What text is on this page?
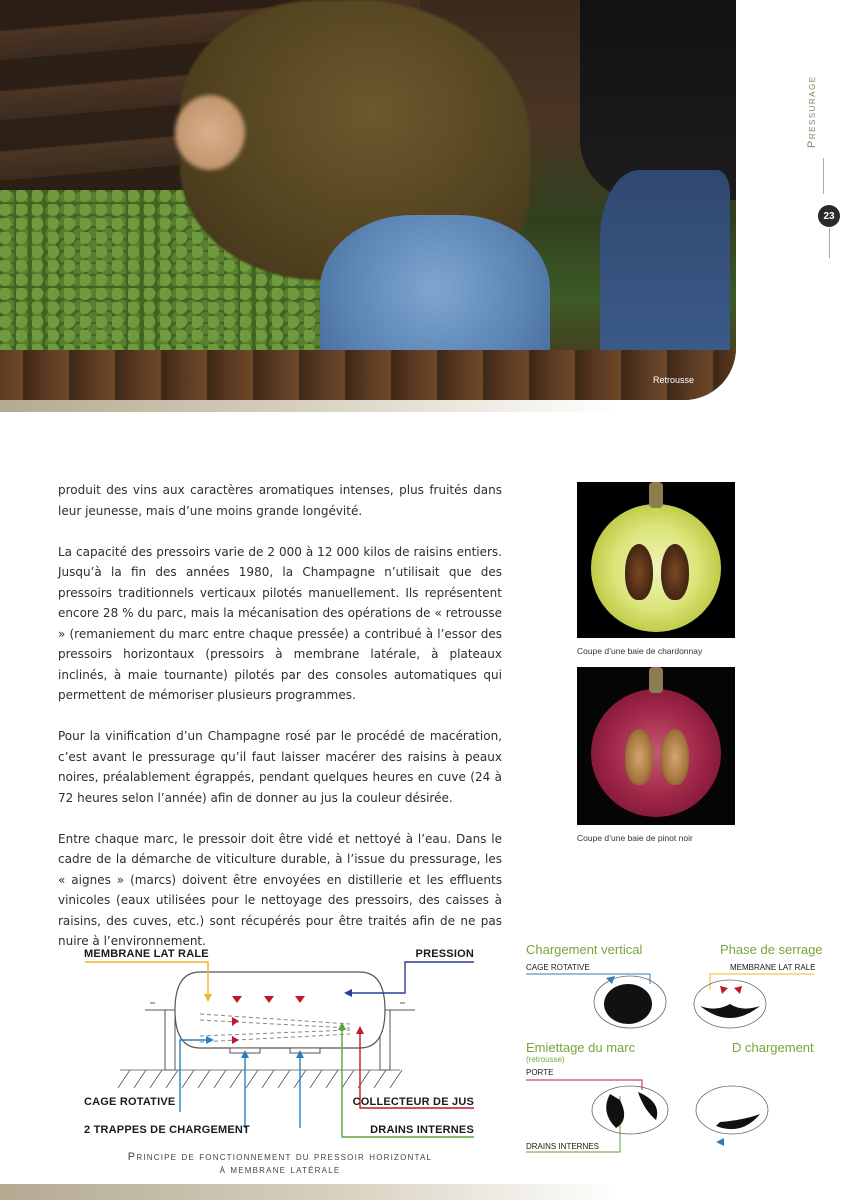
Retrousse
Pressurage
23

produit des vins aux caractères aromatiques intenses, plus fruités dans leur jeunesse, mais d’une moins grande longévité.

La capacité des pressoirs varie de 2 000 à 12 000 kilos de raisins entiers. Jusqu’à la fin des années 1980, la Champagne n’utilisait que des pressoirs traditionnels verticaux pilotés manuellement. Ils représentent encore 28 % du parc, mais la mécanisation des opérations de « retrousse » (remaniement du marc entre chaque pressée) a contribué à l’essor des pressoirs horizontaux (pressoirs à membrane latérale, à plateaux inclinés, à maie tournante) pilotés par des consoles automatiques qui permettent de mémoriser plusieurs programmes.

Pour la vinification d’un Champagne rosé par le procédé de macération, c’est avant le pressurage qu’il faut laisser macérer des raisins à peaux noires, préalablement égrappés, pendant quelques heures en cuve (24 à 72 heures selon l’année) afin de donner au jus la couleur désirée.

Entre chaque marc, le pressoir doit être vidé et nettoyé à l’eau. Dans le cadre de la démarche de viticulture durable, à l’issue du pressurage, les « aignes » (marcs) doivent être envoyées en distillerie et les effluents vinicoles (eaux utilisées pour le nettoyage des pressoirs, des caisses à raisins, des cuves, etc.) sont récupérés pour être traités afin de ne pas nuire à l’environnement.

Coupe d’une baie de chardonnay
Coupe d’une baie de pinot noir
MEMBRANE LAT RALE	PRESSION
CAGE ROTATIVE	COLLECTEUR DE JUS
2 TRAPPES DE CHARGEMENT	DRAINS INTERNES
Principe de fonctionnement du pressoir horizontal
à membrane latérale
Chargement vertical
CAGE ROTATIVE
Phase de serrage
MEMBRANE LAT RALE
Emiettage du marc
(retrousse)
PORTE
DRAINS INTERNES
D chargement
